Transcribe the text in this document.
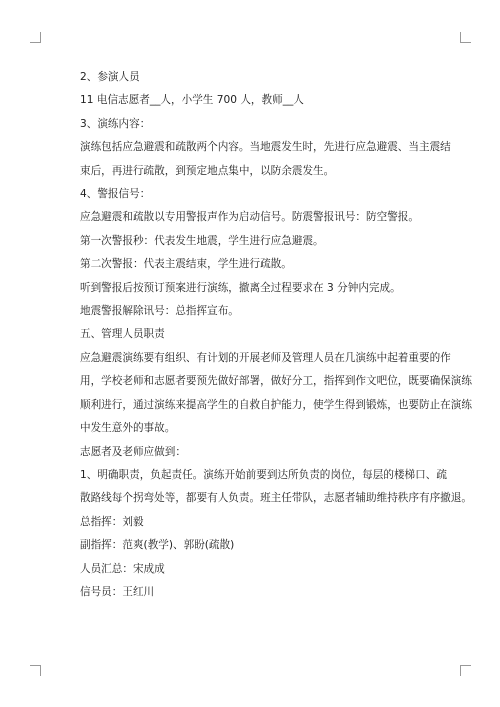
2、参演人员
11 电信志愿者__人，小学生 700 人，教师__人
3、演练内容：
演练包括应急避震和疏散两个内容。当地震发生时，先进行应急避震、当主震结
束后，再进行疏散，到预定地点集中，以防余震发生。
4、警报信号：
应急避震和疏散以专用警报声作为启动信号。防震警报讯号：防空警报。
第一次警报秒：代表发生地震，学生进行应急避震。
第二次警报：代表主震结束，学生进行疏散。
听到警报后按预订预案进行演练，撤离全过程要求在 3 分钟内完成。
地震警报解除讯号：总指挥宣布。
五、管理人员职责
应急避震演练要有组织、有计划的开展老师及管理人员在几演练中起着重要的作
用，学校老师和志愿者要预先做好部署，做好分工，指挥到作文吧位，既要确保演练
顺利进行，通过演练来提高学生的自救自护能力，使学生得到锻炼，也要防止在演练
中发生意外的事故。
志愿者及老师应做到：
1、明确职责，负起责任。演练开始前要到达所负责的岗位，每层的楼梯口、疏
散路线每个拐弯处等，都要有人负责。班主任带队，志愿者辅助维持秩序有序撤退。
总指挥：刘毅
副指挥：范爽(教学)、郭盼(疏散)
人员汇总：宋成成
信号员：王红川
